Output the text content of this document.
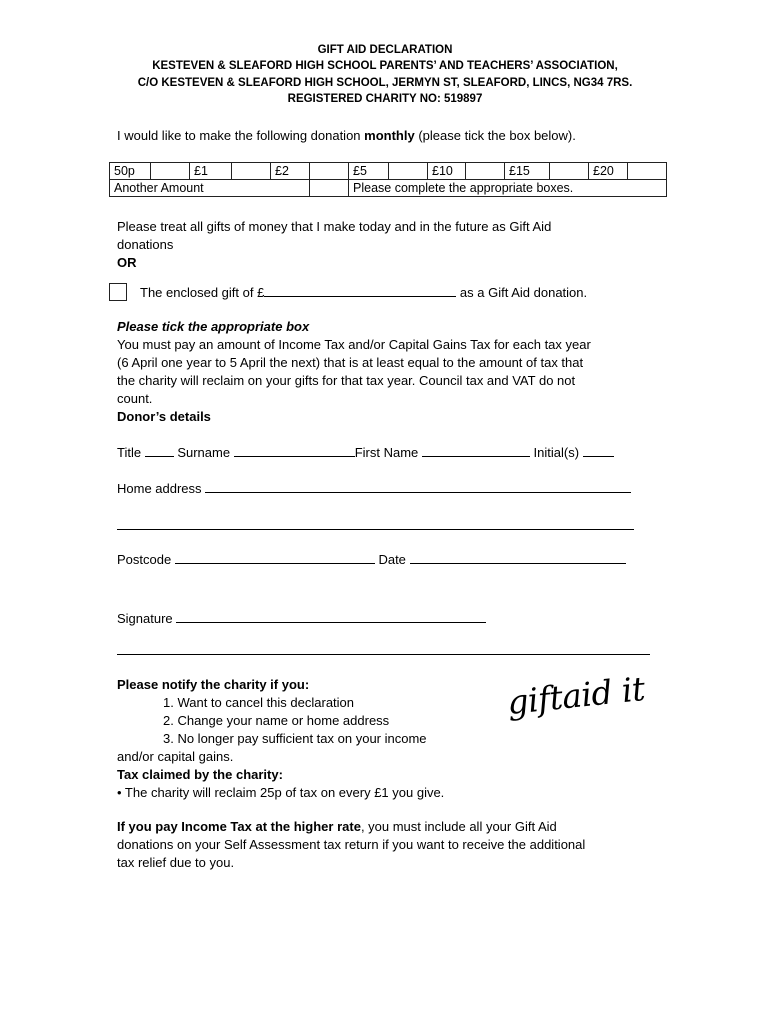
GIFT AID DECLARATION
KESTEVEN & SLEAFORD HIGH SCHOOL PARENTS’ AND TEACHERS’ ASSOCIATION,
C/O KESTEVEN & SLEAFORD HIGH SCHOOL, JERMYN ST, SLEAFORD, LINCS, NG34 7RS.
REGISTERED CHARITY NO: 519897
I would like to make the following donation monthly (please tick the box below).
50p		£1		£2		£5		£10		£15		£20	
Another Amount						Please complete the appropriate boxes.							
Please treat all gifts of money that I make today and in the future as Gift Aid
donations
OR
The enclosed gift of £	as a Gift Aid donation.
Please tick the appropriate box
You must pay an amount of Income Tax and/or Capital Gains Tax for each tax year
(6 April one year to 5 April the next) that is at least equal to the amount of tax that
the charity will reclaim on your gifts for that tax year. Council tax and VAT do not
count.
Donor’s details
Title	Surname	First Name	Initial(s)
Home address
Postcode	Date
Signature
Please notify the charity if you:
1. Want to cancel this declaration
2. Change your name or home address
3. No longer pay sufficient tax on your income
and/or capital gains.
Tax claimed by the charity:
• The charity will reclaim 25p of tax on every £1 you give.
giftaid it
If you pay Income Tax at the higher rate, you must include all your Gift Aid
donations on your Self Assessment tax return if you want to receive the additional
tax relief due to you.
